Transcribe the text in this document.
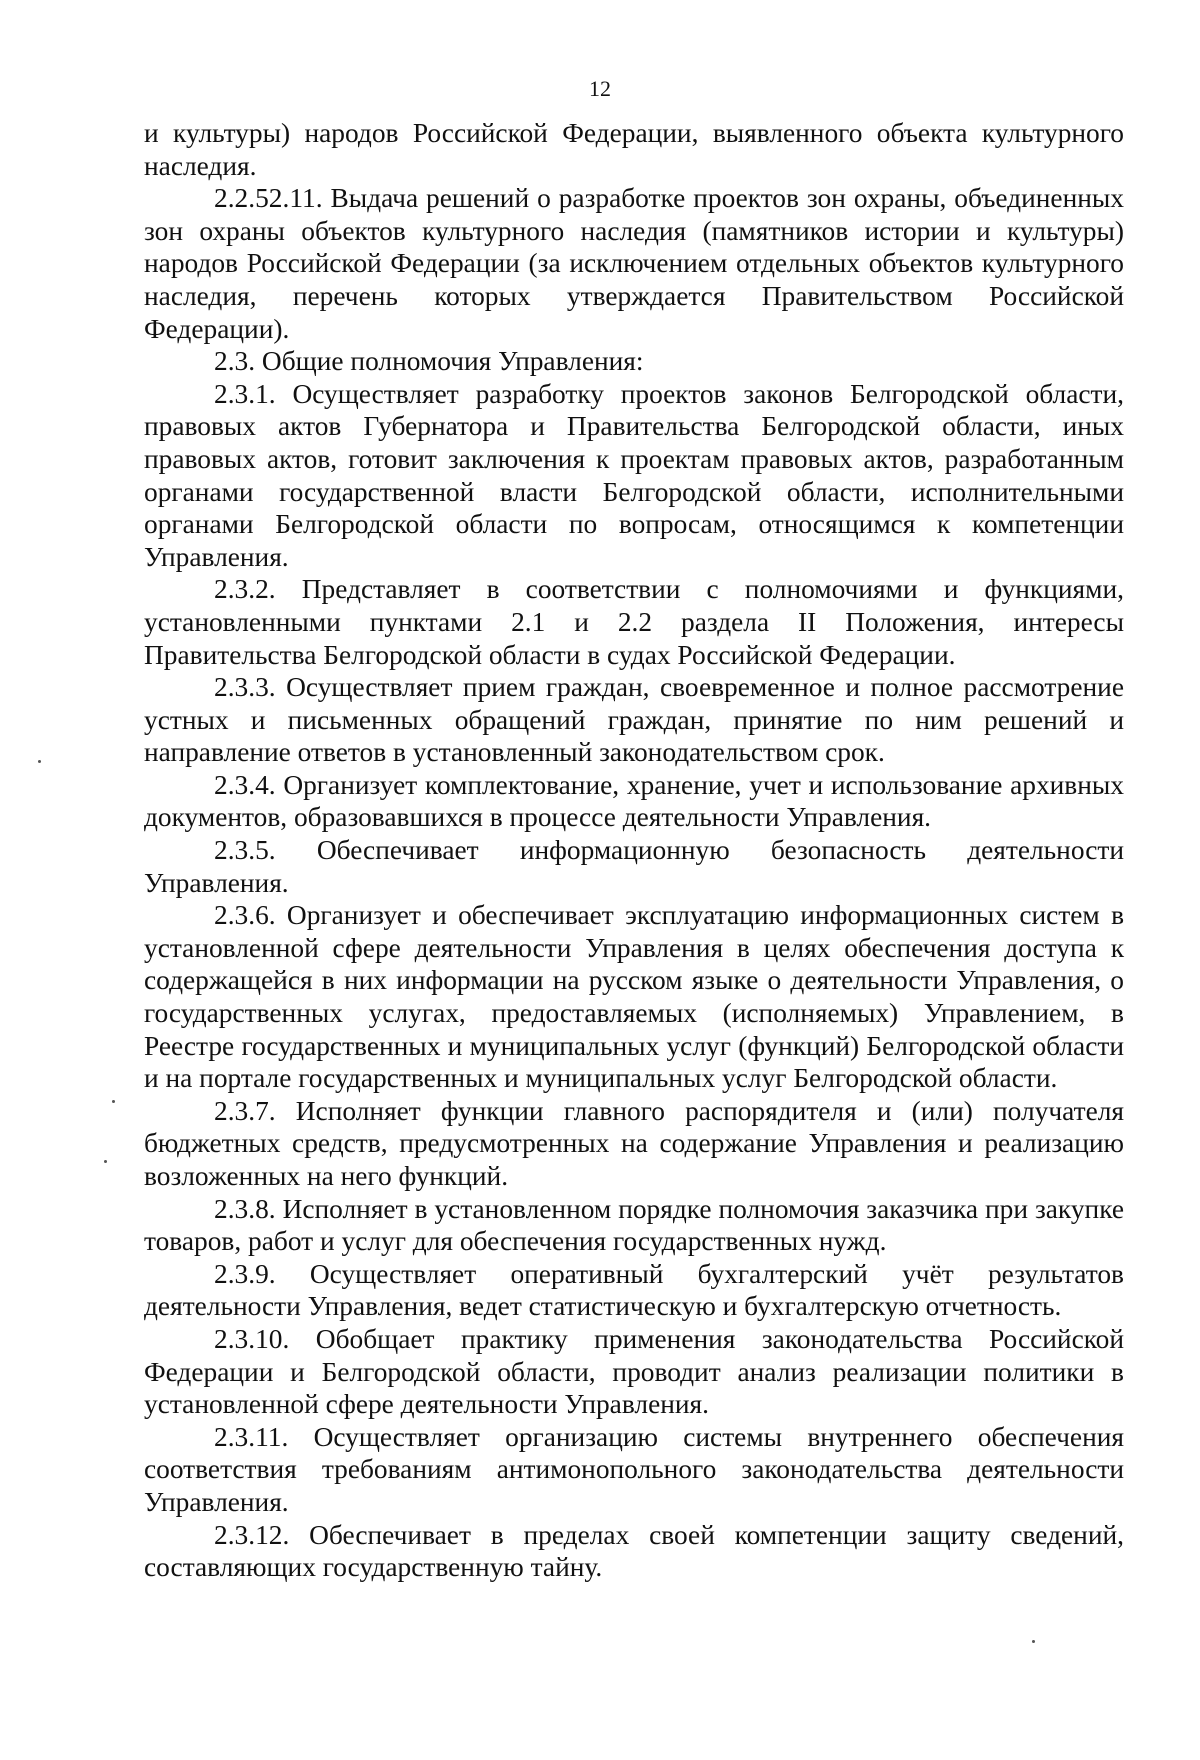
12

и культуры) народов Российской Федерации, выявленного объекта культурного наследия.

2.2.52.11. Выдача решений о разработке проектов зон охраны, объединенных зон охраны объектов культурного наследия (памятников истории и культуры) народов Российской Федерации (за исключением отдельных объектов культурного наследия, перечень которых утверждается Правительством Российской Федерации).

2.3. Общие полномочия Управления:

2.3.1. Осуществляет разработку проектов законов Белгородской области, правовых актов Губернатора и Правительства Белгородской области, иных правовых актов, готовит заключения к проектам правовых актов, разработанным органами государственной власти Белгородской области, исполнительными органами Белгородской области по вопросам, относящимся к компетенции Управления.

2.3.2. Представляет в соответствии с полномочиями и функциями, установленными пунктами 2.1 и 2.2 раздела II Положения, интересы Правительства Белгородской области в судах Российской Федерации.

2.3.3. Осуществляет прием граждан, своевременное и полное рассмотрение устных и письменных обращений граждан, принятие по ним решений и направление ответов в установленный законодательством срок.

2.3.4. Организует комплектование, хранение, учет и использование архивных документов, образовавшихся в процессе деятельности Управления.

2.3.5. Обеспечивает информационную безопасность деятельности Управления.

2.3.6. Организует и обеспечивает эксплуатацию информационных систем в установленной сфере деятельности Управления в целях обеспечения доступа к содержащейся в них информации на русском языке о деятельности Управления, о государственных услугах, предоставляемых (исполняемых) Управлением, в Реестре государственных и муниципальных услуг (функций) Белгородской области и на портале государственных и муниципальных услуг Белгородской области.

2.3.7. Исполняет функции главного распорядителя и (или) получателя бюджетных средств, предусмотренных на содержание Управления и реализацию возложенных на него функций.

2.3.8. Исполняет в установленном порядке полномочия заказчика при закупке товаров, работ и услуг для обеспечения государственных нужд.

2.3.9. Осуществляет оперативный бухгалтерский учёт результатов деятельности Управления, ведет статистическую и бухгалтерскую отчетность.

2.3.10. Обобщает практику применения законодательства Российской Федерации и Белгородской области, проводит анализ реализации политики в установленной сфере деятельности Управления.

2.3.11. Осуществляет организацию системы внутреннего обеспечения соответствия требованиям антимонопольного законодательства деятельности Управления.

2.3.12. Обеспечивает в пределах своей компетенции защиту сведений, составляющих государственную тайну.
